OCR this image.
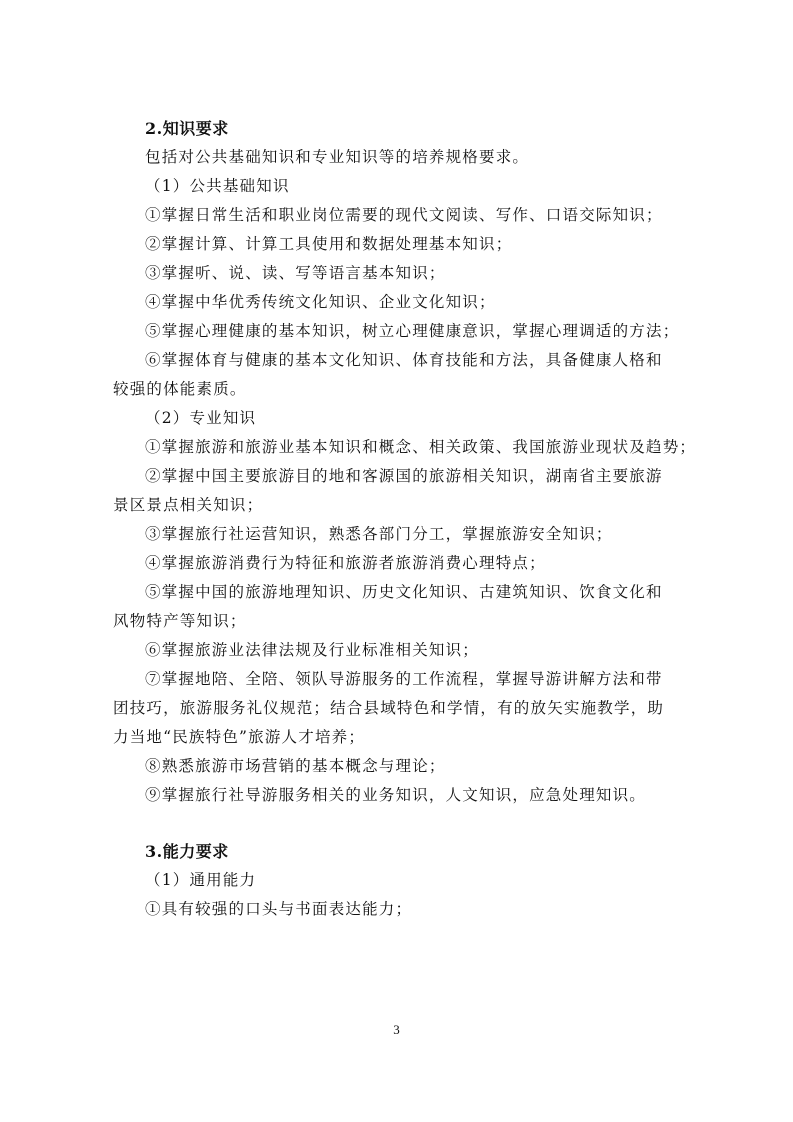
2.知识要求

包括对公共基础知识和专业知识等的培养规格要求。

（1）公共基础知识

①掌握日常生活和职业岗位需要的现代文阅读、写作、口语交际知识；

②掌握计算、计算工具使用和数据处理基本知识；

③掌握听、说、读、写等语言基本知识；

④掌握中华优秀传统文化知识、企业文化知识；

⑤掌握心理健康的基本知识，树立心理健康意识，掌握心理调适的方法；

⑥掌握体育与健康的基本文化知识、体育技能和方法，具备健康人格和较强的体能素质。

（2）专业知识

①掌握旅游和旅游业基本知识和概念、相关政策、我国旅游业现状及趋势；

②掌握中国主要旅游目的地和客源国的旅游相关知识，湖南省主要旅游景区景点相关知识；

③掌握旅行社运营知识，熟悉各部门分工，掌握旅游安全知识；

④掌握旅游消费行为特征和旅游者旅游消费心理特点；

⑤掌握中国的旅游地理知识、历史文化知识、古建筑知识、饮食文化和风物特产等知识；

⑥掌握旅游业法律法规及行业标准相关知识；

⑦掌握地陪、全陪、领队导游服务的工作流程，掌握导游讲解方法和带团技巧，旅游服务礼仪规范；结合县域特色和学情，有的放矢实施教学，助力当地“民族特色”旅游人才培养；

⑧熟悉旅游市场营销的基本概念与理论；

⑨掌握旅行社导游服务相关的业务知识，人文知识，应急处理知识。

3.能力要求

（1）通用能力

①具有较强的口头与书面表达能力；

3
